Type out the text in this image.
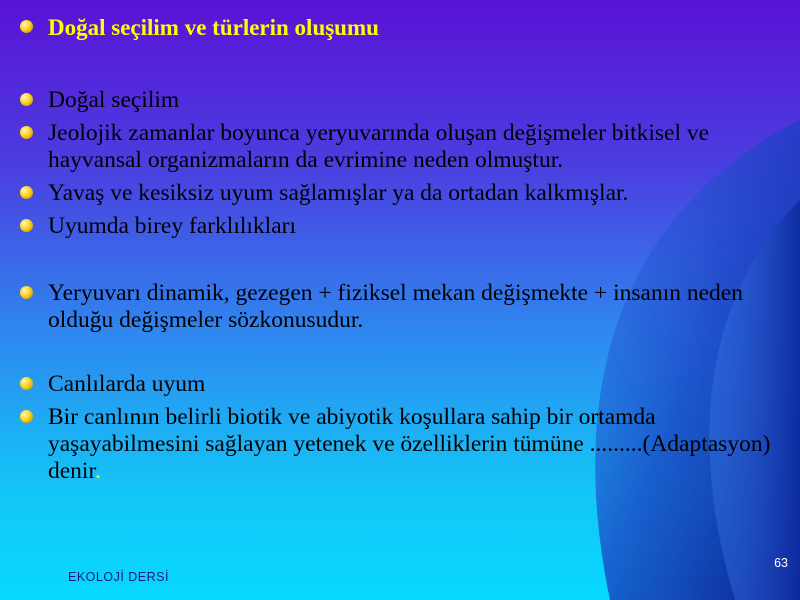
Doğal seçilim ve türlerin oluşumu
Doğal seçilim
Jeolojik zamanlar boyunca yeryuvarında oluşan değişmeler bitkisel ve hayvansal organizmaların da evrimine neden olmuştur.
Yavaş ve kesiksiz uyum sağlamışlar ya da ortadan kalkmışlar.
Uyumda birey farklılıkları
Yeryuvarı dinamik, gezegen + fiziksel mekan değişmekte + insanın neden olduğu değişmeler sözkonusudur.
Canlılarda uyum
Bir canlının belirli biotik ve abiyotik koşullara sahip bir ortamda yaşayabilmesini sağlayan yetenek ve özelliklerin tümüne .........(Adaptasyon) denir.
EKOLOJİ DERSİ
63
